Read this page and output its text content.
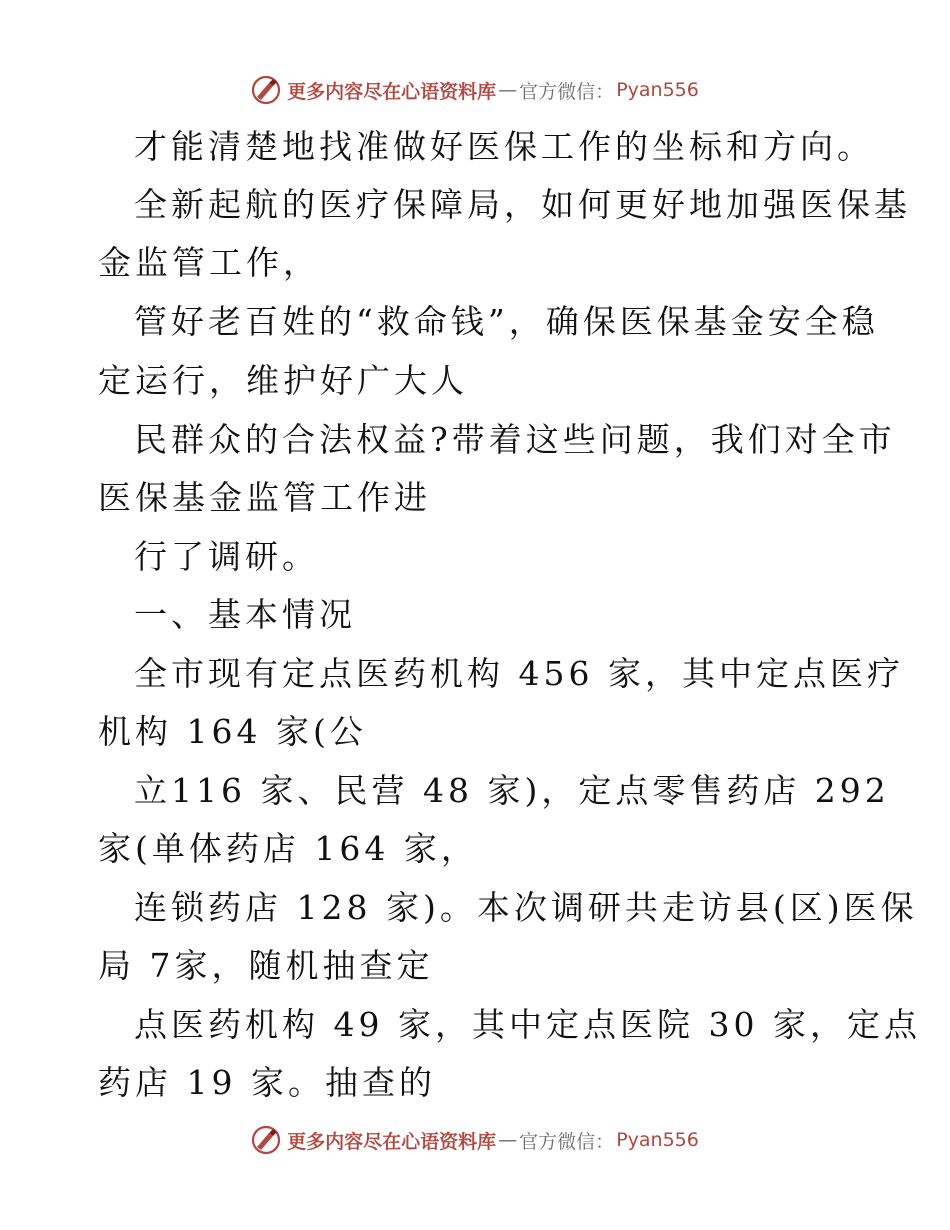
更多内容尽在心语资料库 — 官方微信： Pyan556
才能清楚地找准做好医保工作的坐标和方向。
全新起航的医疗保障局，如何更好地加强医保基
金监管工作，
管好老百姓的“救命钱”，确保医保基金安全稳
定运行，维护好广大人
民群众的合法权益?带着这些问题，我们对全市
医保基金监管工作进
行了调研。
一、基本情况
全市现有定点医药机构 456 家，其中定点医疗
机构 164 家(公
立116 家、民营 48 家)，定点零售药店 292
家(单体药店 164 家，
连锁药店 128 家)。本次调研共走访县(区)医保
局 7家，随机抽查定
点医药机构 49 家，其中定点医院 30 家，定点
药店 19 家。抽查的
更多内容尽在心语资料库 — 官方微信： Pyan556
